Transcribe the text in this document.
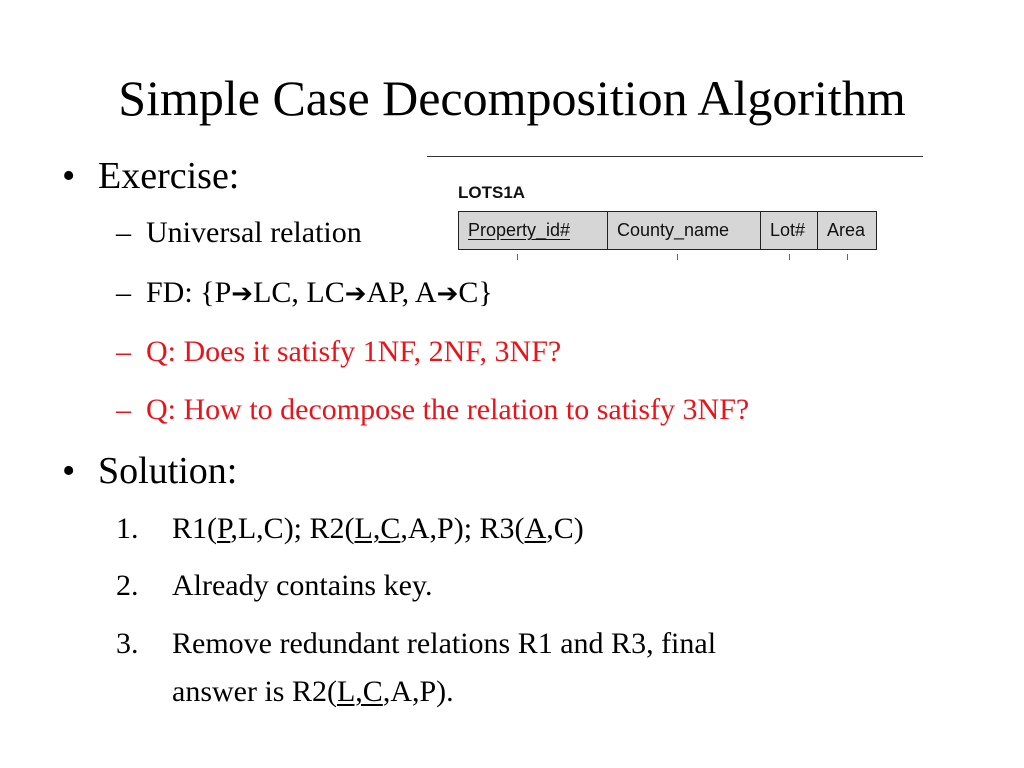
Simple Case Decomposition Algorithm
• Exercise:
– Universal relation
– FD: {P➔LC, LC➔AP, A➔C}
– Q: Does it satisfy 1NF, 2NF, 3NF?
– Q: How to decompose the relation to satisfy 3NF?
• Solution:
1. R1(P,L,C); R2(L,C,A,P); R3(A,C)
2. Already contains key.
3. Remove redundant relations R1 and R3, final
answer is R2(L,C,A,P).
LOTS1A
Property_id#	County_name Lot# Area
